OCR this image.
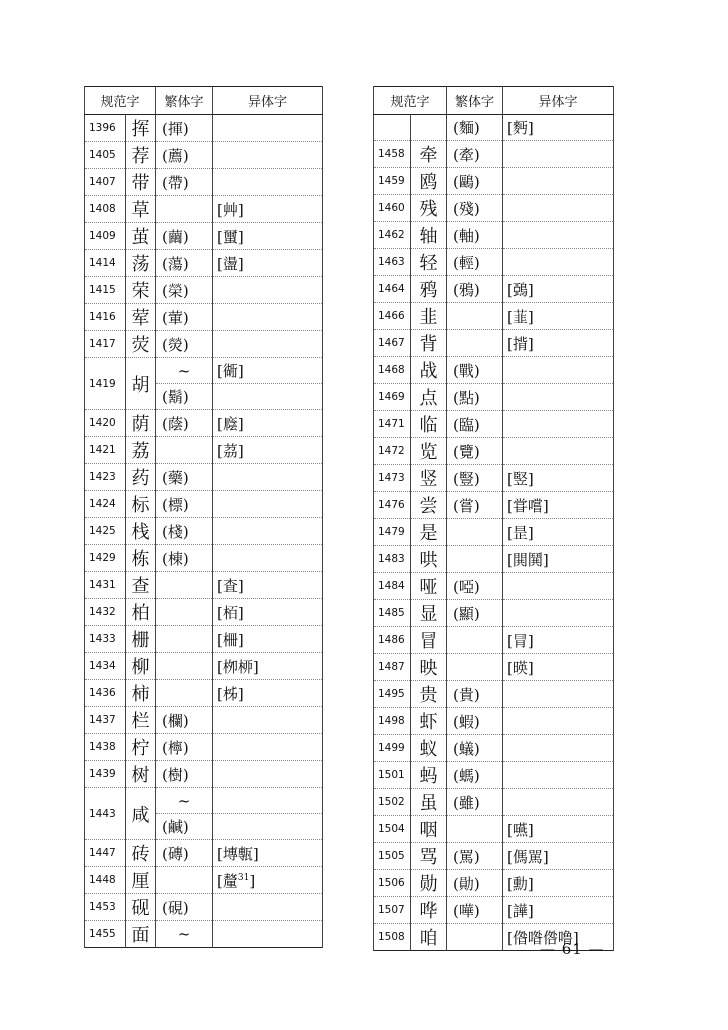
规范字		繁体字	异体字
1396	挥	(揮)	
1405	荐	(薦)	
1407	带	(帶)	
1408	草		[艸]
1409	茧	(繭)	[蠒]
1414	荡	(蕩)	[盪]
1415	荣	(榮)	
1416	荤	(葷)	
1417	荧	(熒)	
1419	胡	~	[衚]
		(鬍)	
1420	荫	(蔭)	[廕]
1421	荔		[茘]
1423	药	(藥)	
1424	标	(標)	
1425	栈	(棧)	
1429	栋	(棟)	
1431	查		[査]
1432	柏		[栢]
1433	栅		[柵]
1434	柳		[栁桺]
1436	柿		[柹]
1437	栏	(欄)	
1438	柠	(檸)	
1439	树	(樹)	
1443	咸	~	
		(鹹)	
1447	砖	(磚)	[塼甎]
1448	厘		[釐$^{31}$]
1453	砚	(硯)	
1455	面	~	
规范字		繁体字	异体字
		(麵)	[麪]
1458	牵	(牽)	
1459	鸥	(鷗)	
1460	残	(殘)	
1462	轴	(軸)	
1463	轻	(輕)	
1464	鸦	(鴉)	[鵶]
1466	韭		[韮]
1467	背		[揹]
1468	战	(戰)	
1469	点	(點)	
1471	临	(臨)	
1472	览	(覽)	
1473	竖	(豎)	[竪]
1476	尝	(嘗)	[甞嚐]
1479	是		[昰]
1483	哄		[閧鬨]
1484	哑	(啞)	
1485	显	(顯)	
1486	冒		[冐]
1487	映		[暎]
1495	贵	(貴)	
1498	虾	(蝦)	
1499	蚁	(蟻)	
1501	蚂	(螞)	
1502	虽	(雖)	
1504	咽		[嚥]
1505	骂	(罵)	[傌駡]
1506	勋	(勛)	[勳]
1507	哗	(嘩)	[譁]
1508	咱		[偺喒倃噜]
— 61 —
